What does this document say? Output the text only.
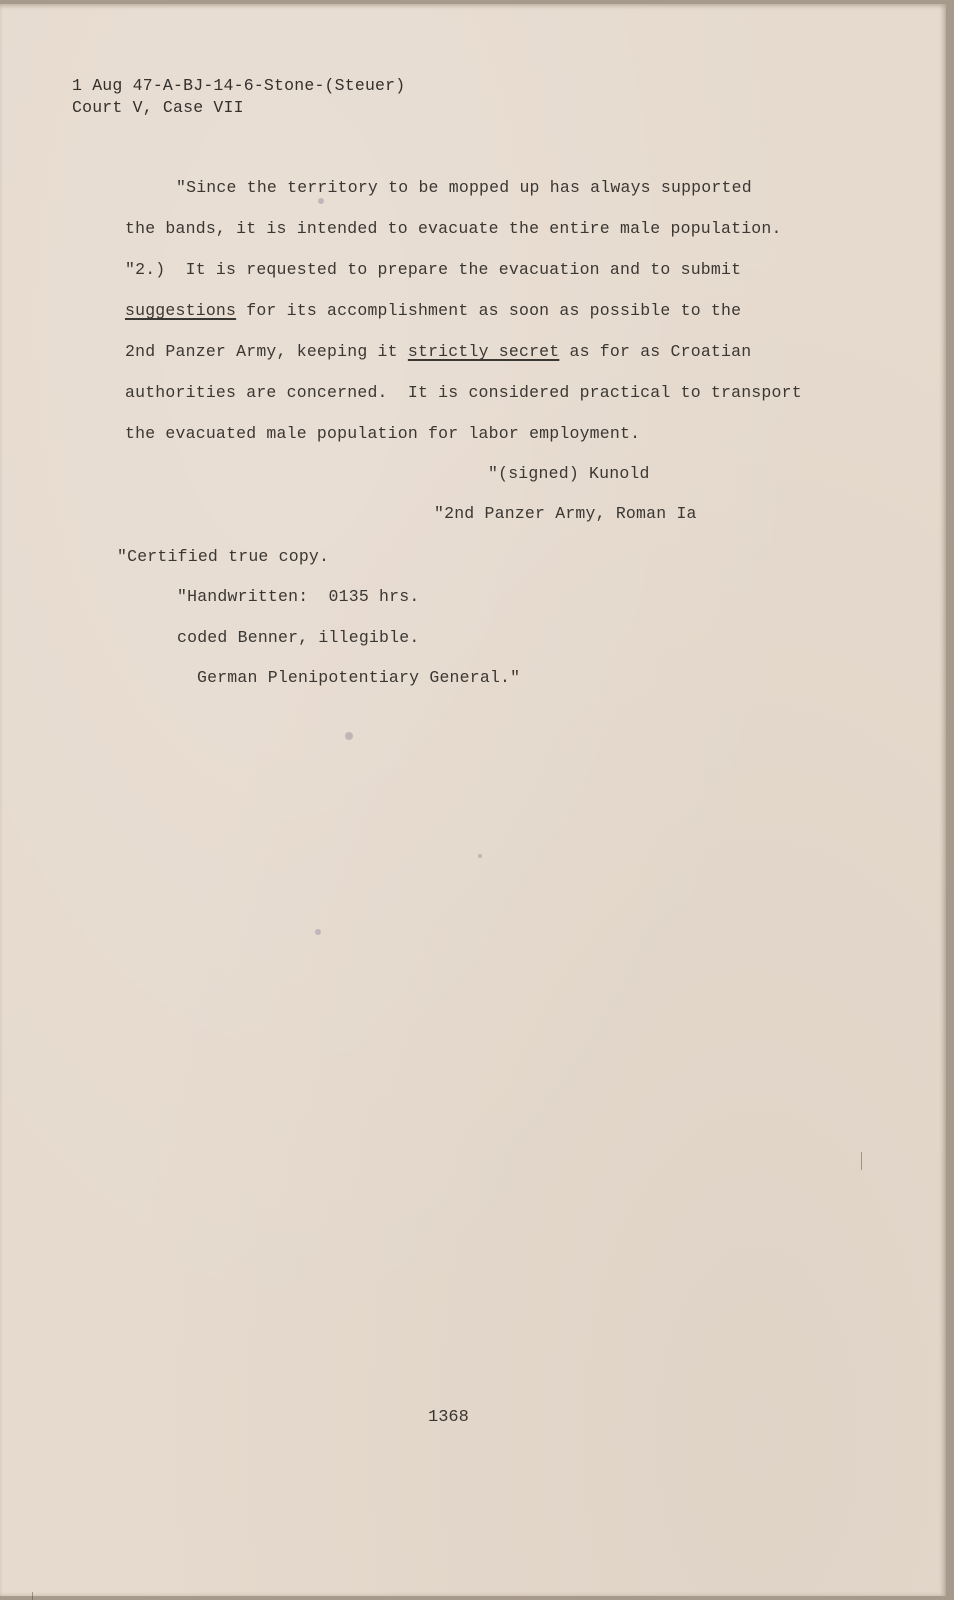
1 Aug 47-A-BJ-14-6-Stone-(Steuer)
Court V, Case VII
"Since the territory to be mopped up has always supported
the bands, it is intended to evacuate the entire male population.
"2.)  It is requested to prepare the evacuation and to submit
suggestions for its accomplishment as soon as possible to the
2nd Panzer Army, keeping it strictly secret as for as Croatian
authorities are concerned.  It is considered practical to transport
the evacuated male population for labor employment.
"(signed) Kunold
"2nd Panzer Army, Roman Ia
"Certified true copy.
"Handwritten:  0135 hrs.
coded Benner, illegible.
German Plenipotentiary General."
1368
